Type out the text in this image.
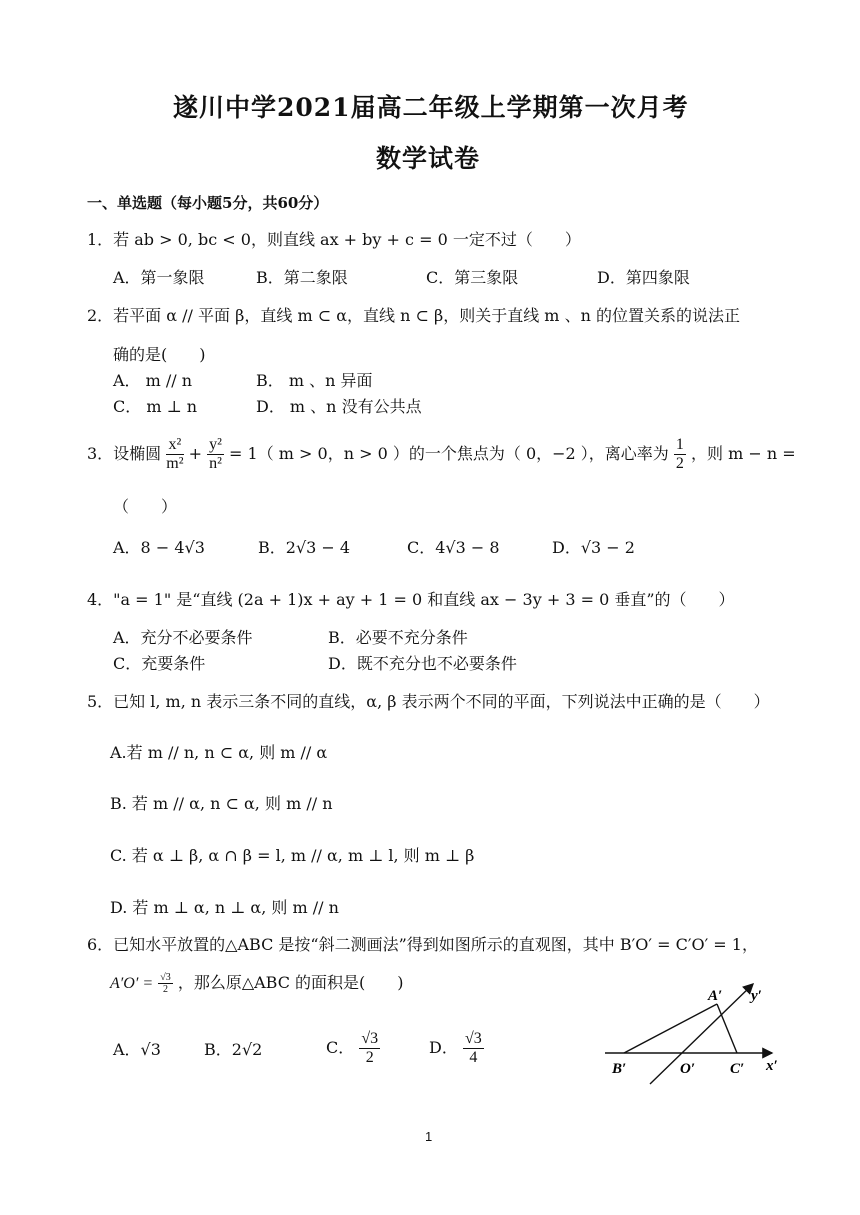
遂川中学2021届高二年级上学期第一次月考
数学试卷
一、单选题（每小题5分，共60分）
1．若 ab > 0, bc < 0，则直线 ax + by + c = 0 一定不过（　　）
A．第一象限	B．第二象限	C．第三象限	D．第四象限
2．若平面 α // 平面 β，直线 m ⊂ α，直线 n ⊂ β，则关于直线 m 、n 的位置关系的说法正
确的是(　　)
A． m // n	B． m 、n 异面
C． m ⊥ n	D． m 、n 没有公共点
3．设椭圆 $\frac{\text{x²}}{\text{m²}} + \frac{\text{y²}}{\text{n²}} = 1$（ m > 0，n > 0 ）的一个焦点为（ 0，−2 ），离心率为 $\frac{1}{2}$ ，则 m − n =
（　　）
A．8 − 4√3	B．2√3 − 4	C．4√3 − 8	D．√3 − 2
4．"a = 1" 是“直线 (2a + 1)x + ay + 1 = 0 和直线 ax − 3y + 3 = 0 垂直”的（　　）
A．充分不必要条件	B．必要不充分条件
C．充要条件	D．既不充分也不必要条件
5．已知 l, m, n 表示三条不同的直线，α, β 表示两个不同的平面，下列说法中正确的是（　　）
A.若 m // n, n ⊂ α, 则 m // α
B. 若 m // α, n ⊂ α, 则 m // n
C. 若 α ⊥ β, α ∩ β = l, m // α, m ⊥ l, 则 m ⊥ β
D. 若 m ⊥ α, n ⊥ α, 则 m // n
6．已知水平放置的△ABC 是按“斜二测画法”得到如图所示的直观图，其中 B′O′ = C′O′ = 1，
$A'O' = \frac{√3}{2}$ ，那么原△ABC 的面积是(　　)
A．√3	B．2√2	C． $\frac{√3}{2}$	D． $\frac{√3}{4}$
A′ y′
B′	O′ C′ x′
1
